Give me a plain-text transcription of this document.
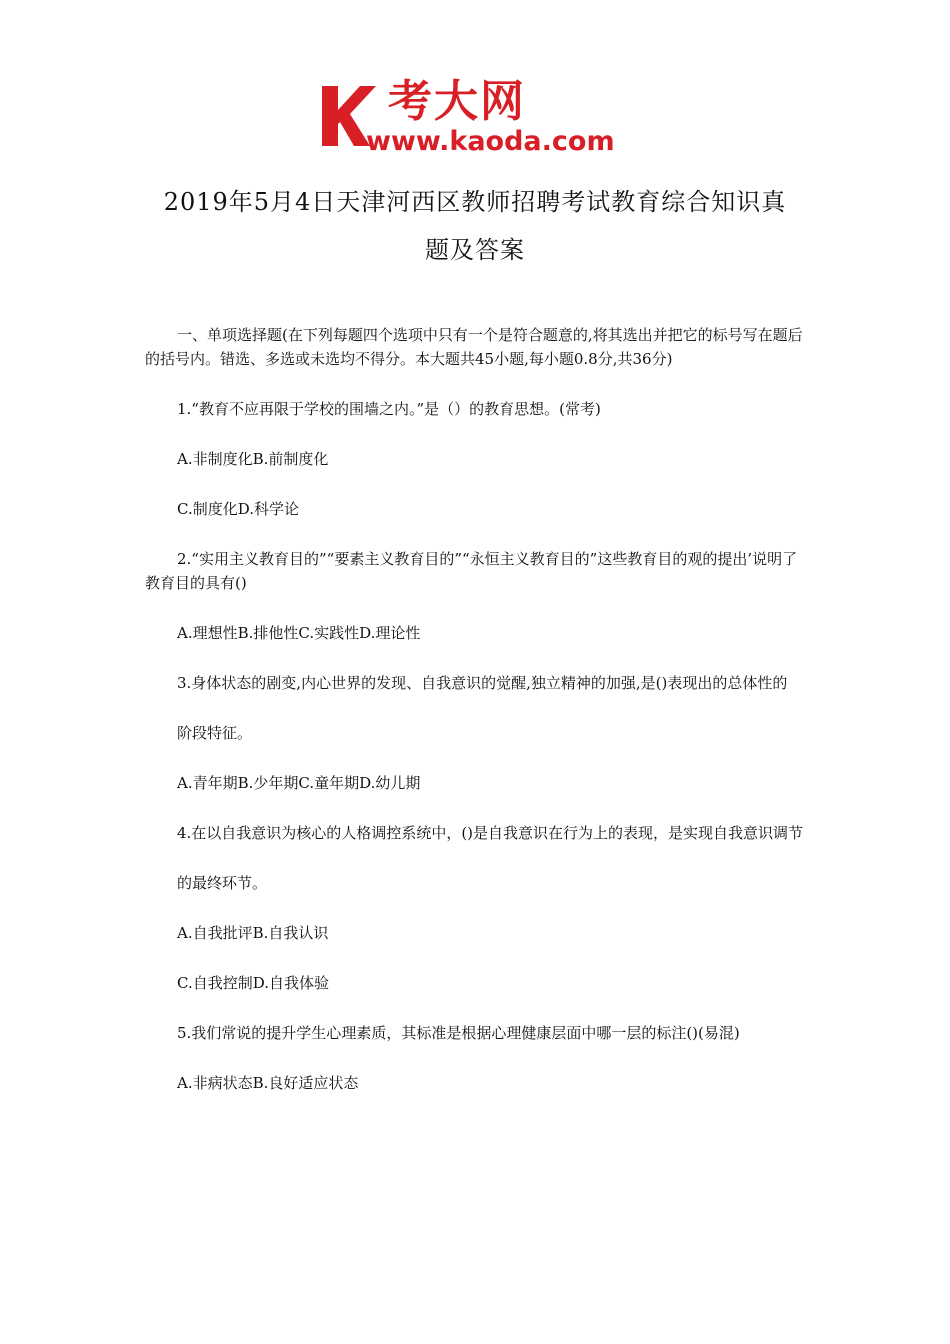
考大网
www.kaoda.com
2019年5月4日天津河西区教师招聘考试教育综合知识真
题及答案

一、单项选择题(在下列每题四个选项中只有一个是符合题意的,将其选出并把它的标号写在题后的括号内。错选、多选或未选均不得分。本大题共45小题,每小题0.8分,共36分)

1.“教育不应再限于学校的围墙之内。”是（）的教育思想。(常考)

A.非制度化B.前制度化

C.制度化D.科学论

2.“实用主义教育目的”“要素主义教育目的”“永恒主义教育目的”这些教育目的观的提出’说明了教育目的具有()

A.理想性B.排他性C.实践性D.理论性

3.身体状态的剧变,内心世界的发现、自我意识的觉醒,独立精神的加强,是()表现出的总体性的

阶段特征。

A.青年期B.少年期C.童年期D.幼儿期

4.在以自我意识为核心的人格调控系统中，()是自我意识在行为上的表现，是实现自我意识调节

的最终环节。

A.自我批评B.自我认识

C.自我控制D.自我体验

5.我们常说的提升学生心理素质，其标准是根据心理健康层面中哪一层的标注()(易混)

A.非病状态B.良好适应状态
